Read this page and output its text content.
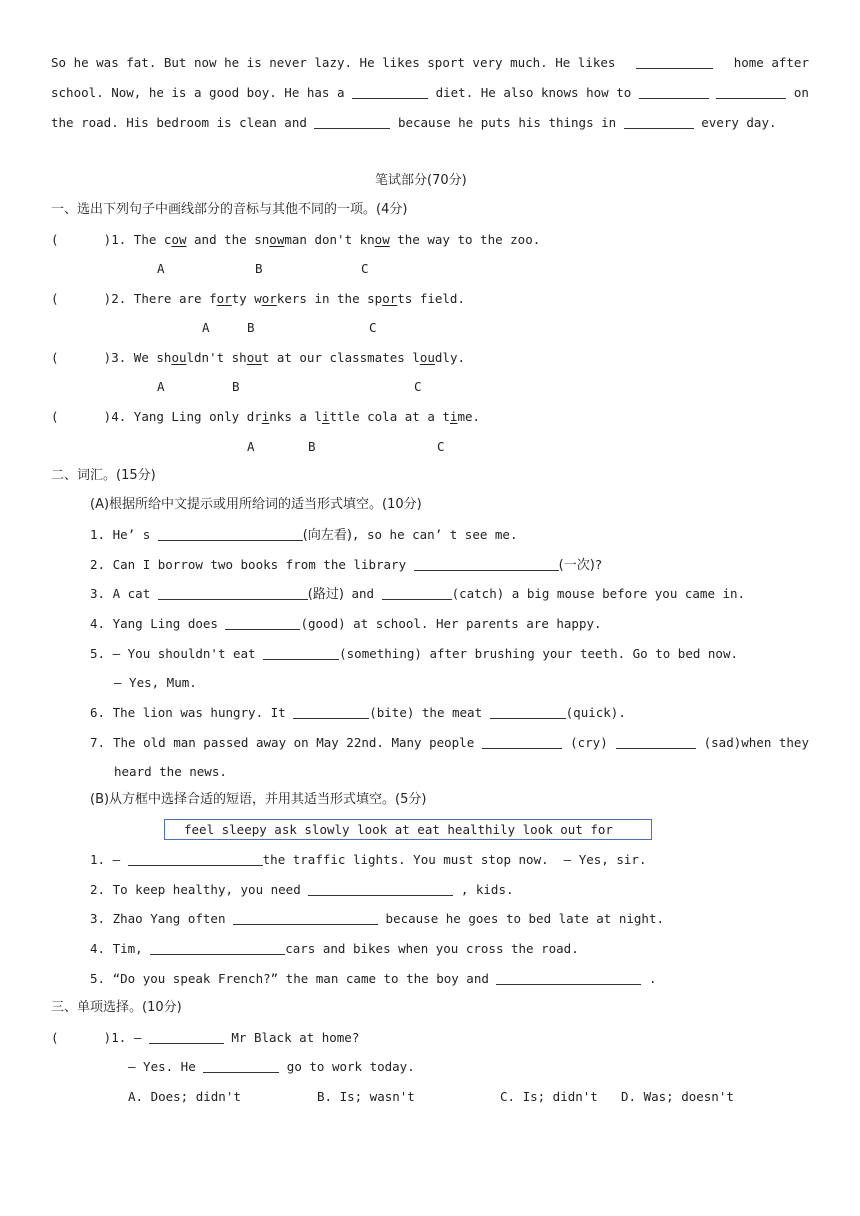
So he was fat. But now he is never lazy. He likes sport very much. He likes	home after
school. Now, he is a good boy. He has a	diet. He also knows how to	on
the road. His bedroom is clean and	because he puts his things in	every day.
笔试部分(70分)
一、选出下列句子中画线部分的音标与其他不同的一项。(4分)
(      )1. The cow and the snowman don't know the way to the zoo.
A	B	C
(      )2. There are forty workers in the sports field.
A	B	C
(      )3. We shouldn't shout at our classmates loudly.
A	B	C
(      )4. Yang Ling only drinks a little cola at a time.
A	B	C
二、词汇。(15分)
(A)根据所给中文提示或用所给词的适当形式填空。(10分)
1. He’ s	(向左看), so he can’ t see me.
2. Can I borrow two books from the library	(一次)?
3. A cat	(路过) and	(catch) a big mouse before you came in.
4. Yang Ling does	(good) at school. Her parents are happy.
5. — You shouldn't eat	(something) after brushing your teeth. Go to bed now.
— Yes, Mum.
6. The lion was hungry. It	(bite) the meat	(quick).
7. The old man passed away on May 22nd. Many people	(cry)	(sad)when they
heard the news.
(B)从方框中选择合适的短语，并用其适当形式填空。(5分)
feel sleepy ask slowly look at eat healthily look out for
1. —	the traffic lights. You must stop now.  — Yes, sir.
2. To keep healthy, you need	, kids.
3. Zhao Yang often	because he goes to bed late at night.
4. Tim,	cars and bikes when you cross the road.
5. “Do you speak French?” the man came to the boy and	.
三、单项选择。(10分)
(      )1. —	Mr Black at home?
— Yes. He	go to work today.
A. Does; didn't	B. Is; wasn't	C. Is; didn't D. Was; doesn't
